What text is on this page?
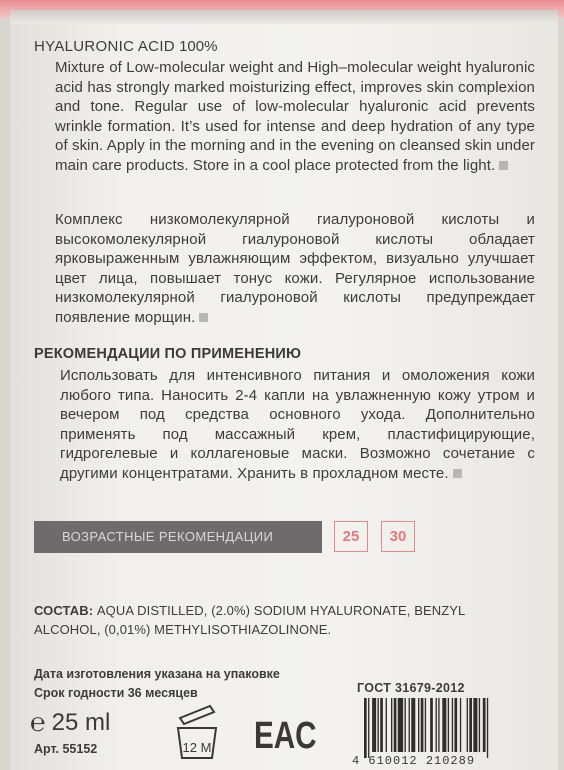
HYALURONIC ACID 100%

Mixture of Low-molecular weight and High–molecular weight hyaluronic acid has strongly marked moisturizing effect, improves skin complexion and tone. Regular use of low-molecular hyaluronic acid prevents wrinkle formation. It’s used for intense and deep hydration of any type of skin. Apply in the morning and in the evening on cleansed skin under main care products. Store in a cool place protected from the light.

Комплекс низкомолекулярной гиалуроновой кислоты и высокомолекулярной гиалуроновой кислоты обладает ярковыраженным увлажняющим эффектом, визуально улучшает цвет лица, повышает тонус кожи. Регулярное использование низкомолекулярной гиалуроновой кислоты предупреждает появление морщин.

РЕКОМЕНДАЦИИ ПО ПРИМЕНЕНИЮ

Использовать для интенсивного питания и омоложения кожи любого типа. Наносить 2-4 капли на увлажненную кожу утром и вечером под средства основного ухода. Дополнительно применять под массажный крем, пластифицирующие, гидрогелевые и коллагеновые маски. Возможно сочетание с другими концентратами. Хранить в прохладном месте.

ВОЗРАСТНЫЕ РЕКОМЕНДАЦИИ	25	30
СОСТАВ: AQUA DISTILLED, (2.0%) SODIUM HYALURONATE, BENZYL ALCOHOL, (0,01%) METHYLISOTHIAZOLINONE.
Дата изготовления указана на упаковке
Срок годности 36 месяцев	ГОСТ 31679-2012
℮ 25 ml
Арт. 55152	12 M EAC
4 610012 210289
